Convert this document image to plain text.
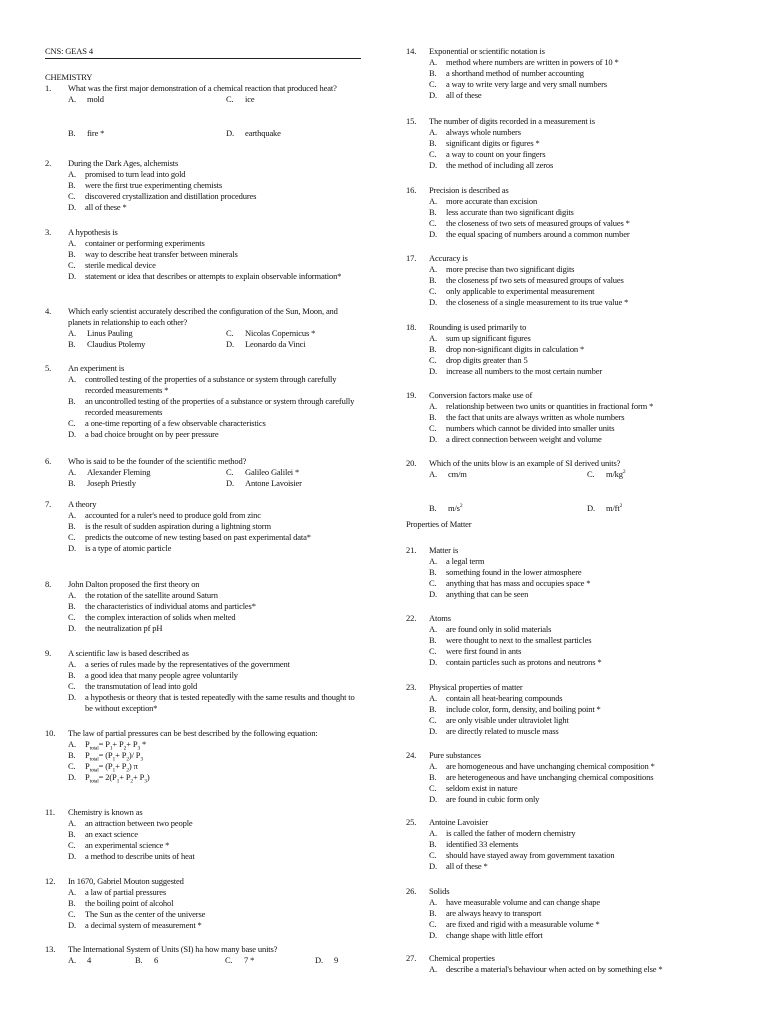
CNS: GEAS 4
CHEMISTRY
1.	What was the first major demonstration of a chemical reaction that produced heat?
A.	mold	C.	ice
B.	fire *	D.	earthquake
2.	During the Dark Ages, alchemists
A.	promised to turn lead into gold
B.	were the first true experimenting chemists
C.	discovered crystallization and distillation procedures
D.	all of these *
3.	A hypothesis is
A.	container or performing experiments
B.	way to describe heat transfer between minerals
C.	sterile medical device
D.	statement or idea that describes or attempts to explain observable information*
4.	Which early scientist accurately described the configuration of the Sun, Moon, and planets in relationship to each other?
A.	Linus Pauling	C.	Nicolas Copernicus *
B.	Claudius Ptolemy	D.	Leonardo da Vinci
5.	An experiment is
A.	controlled testing of the properties of a substance or system through carefully recorded measurements *
B.	an uncontrolled testing of the properties of a substance or system through carefully recorded measurements
C.	a one-time reporting of a few observable characteristics
D.	a bad choice brought on by peer pressure
6.	Who is said to be the founder of the scientific method?
A.	Alexander Fleming	C.	Galileo Galilei *
B.	Joseph Priestly	D.	Antone Lavoisier
7.	A theory
A.	accounted for a ruler's need to produce gold from zinc
B.	is the result of sudden aspiration during a lightning storm
C.	predicts the outcome of new testing based on past experimental data*
D.	is a type of atomic particle
8.	John Dalton proposed the first theory on
A.	the rotation of the satellite around Saturn
B.	the characteristics of individual atoms and particles*
C.	the complex interaction of solids when melted
D.	the neutralization pf pH
9.	A scientific law is based described as
A.	a series of rules made by the representatives of the government
B.	a good idea that many people agree voluntarily
C.	the transmutation of lead into gold
D.	a hypothesis or theory that is tested repeatedly with the same results and thought to be without exception*
10.	The law of partial pressures can be best described by the following equation:
A.	$P_{total}= P_1+ P_2+ P_3$ *
B.	$P_{total}= (P_1+ P_2)/$ $P_3$
C.	$P_{total}= (P_1+ P_2)$ π
D.	$P_{total}= 2(P_1+ P_2+ P_3)$
11.	Chemistry is known as
A.	an attraction between two people
B.	an exact science
C.	an experimental science *
D.	a method to describe units of heat
12.	In 1670, Gabriel Mouton suggested
A.	a law of partial pressures
B.	the boiling point of alcohol
C.	The Sun as the center of the universe
D.	a decimal system of measurement *
13.	The International System of Units (SI) ha how many base units?
A.	4	B.	6	C.	7 *	D.	9
Properties of Matter
14.	Exponential or scientific notation is
A.	method where numbers are written in powers of 10 *
B.	a shorthand method of number accounting
C.	a way to write very large and very small numbers
D.	all of these
15.	The number of digits recorded in a measurement is
A.	always whole numbers
B.	significant digits or figures *
C.	a way to count on your fingers
D.	the method of including all zeros
16.	Precision is described as
A.	more accurate than excision
B.	less accurate than two significant digits
C.	the closeness of two sets of measured groups of values *
D.	the equal spacing of numbers around a common number
17.	Accuracy is
A.	more precise than two significant digits
B.	the closeness pf two sets of measured groups of values
C.	only applicable to experimental measurement
D.	the closeness of a single measurement to its true value *
18.	Rounding is used primarily to
A.	sum up significant figures
B.	drop non-significant digits in calculation *
C.	drop digits greater than 5
D.	increase all numbers to the most certain number
19.	Conversion factors make use of
A.	relationship between two units or quantities in fractional form *
B.	the fact that units are always written as whole numbers
C.	numbers which cannot be divided into smaller units
D.	a direct connection between weight and volume
20.	Which of the units blow is an example of SI derived units?
A.	cm/m	C.	$m/kg^2$
B.	$m/s^2$	D.	$m/ft^2$
21.	Matter is
A.	a legal term
B.	something found in the lower atmosphere
C.	anything that has mass and occupies space *
D.	anything that can be seen
22.	Atoms
A.	are found only in solid materials
B.	were thought to next to the smallest particles
C.	were first found in ants
D.	contain particles such as protons and neutrons *
23.	Physical properties of matter
A.	contain all heat-bearing compounds
B.	include color, form, density, and boiling point *
C.	are only visible under ultraviolet light
D.	are directly related to muscle mass
24.	Pure substances
A.	are homogeneous and have unchanging chemical composition *
B.	are heterogeneous and have unchanging chemical compositions
C.	seldom exist in nature
D.	are found in cubic form only
25.	Antoine Lavoisier
A.	is called the father of modern chemistry
B.	identified 33 elements
C.	should have stayed away from government taxation
D.	all of these *
26.	Solids
A.	have measurable volume and can change shape
B.	are always heavy to transport
C.	are fixed and rigid with a measurable volume *
D.	change shape with little effort
27.	Chemical properties
A.	describe a material's behaviour when acted on by something else *
